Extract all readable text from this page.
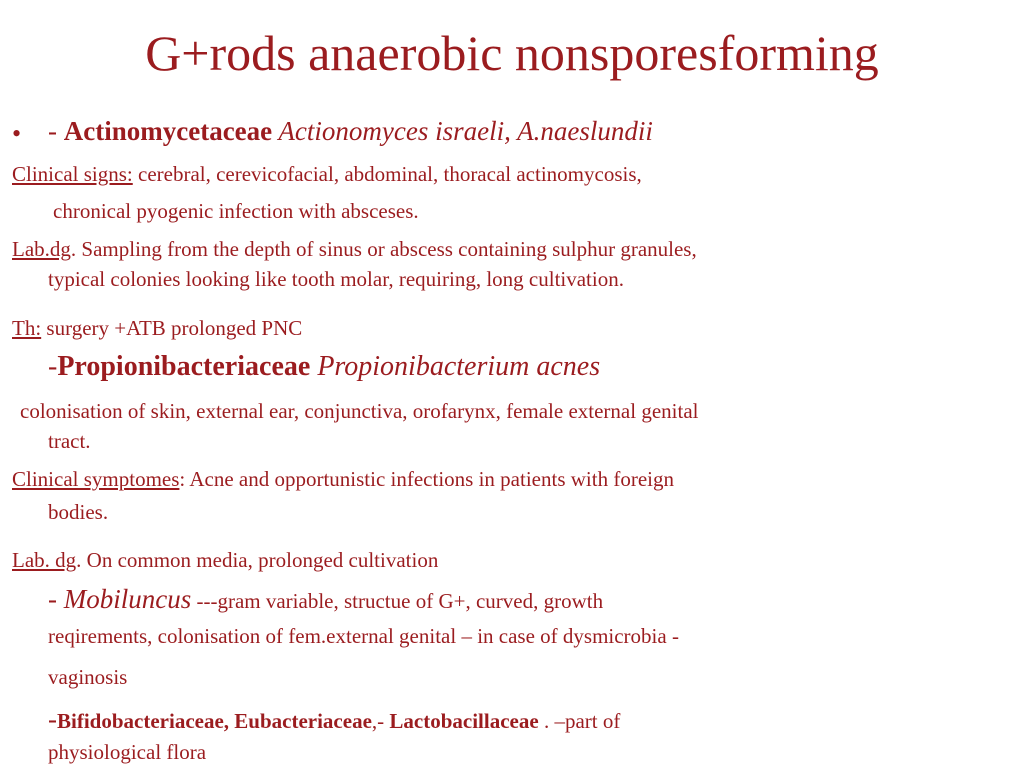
G+rods anaerobic nonsporesforming
• - Actinomycetaceae Actionomyces israeli, A.naeslundii
Clinical signs: cerebral, cerevicofacial, abdominal, thoracal actinomycosis,
chronical pyogenic infection with absceses.
Lab.dg. Sampling from the depth of sinus or abscess containing sulphur granules,
typical colonies looking like tooth molar, requiring, long cultivation.
Th: surgery +ATB prolonged PNC
-Propionibacteriaceae Propionibacterium acnes
colonisation of skin, external ear, conjunctiva, orofarynx, female external genital
tract.
Clinical symptomes: Acne and opportunistic infections in patients with foreign
bodies.
Lab. dg. On common media, prolonged cultivation
- Mobiluncus ---gram variable, structue of G+, curved, growth
reqirements, colonisation of fem.external genital – in case of dysmicrobia -
vaginosis
-Bifidobacteriaceae, Eubacteriaceae,- Lactobacillaceae . –part of
physiological flora
